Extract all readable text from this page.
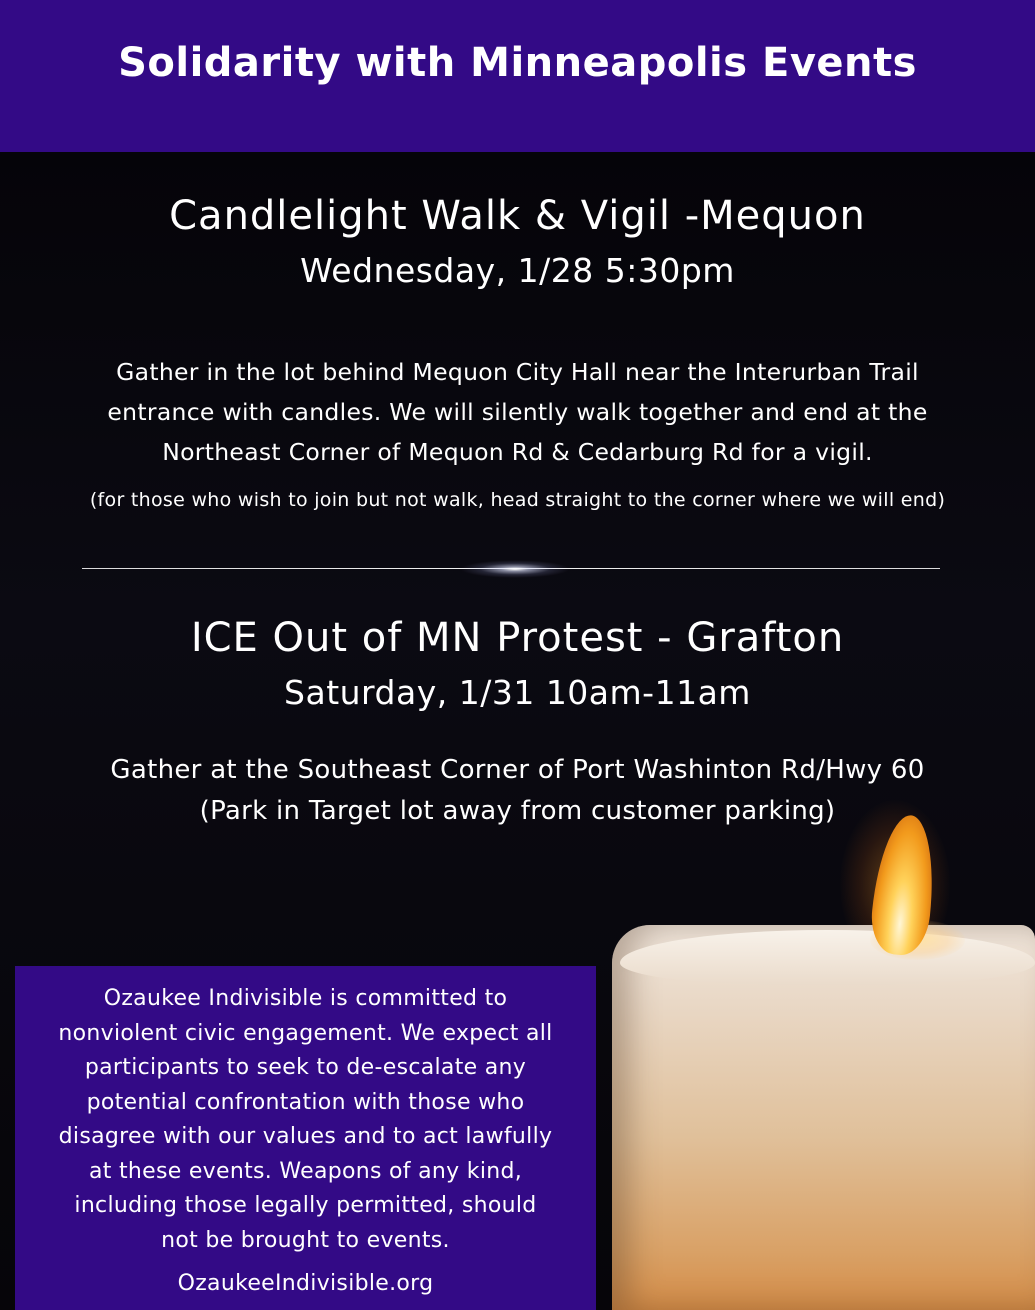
Solidarity with Minneapolis Events
Candlelight Walk & Vigil -Mequon
Wednesday, 1/28 5:30pm
Gather in the lot behind Mequon City Hall near the Interurban Trail
entrance with candles. We will silently walk together and end at the
Northeast Corner of Mequon Rd & Cedarburg Rd for a vigil.
(for those who wish to join but not walk, head straight to the corner where we will end)
ICE Out of MN Protest - Grafton
Saturday, 1/31 10am-11am
Gather at the Southeast Corner of Port Washinton Rd/Hwy 60
(Park in Target lot away from customer parking)
Ozaukee Indivisible is committed to
nonviolent civic engagement. We expect all
participants to seek to de-escalate any
potential confrontation with those who
disagree with our values and to act lawfully
at these events. Weapons of any kind,
including those legally permitted, should
not be brought to events.
OzaukeeIndivisible.org
